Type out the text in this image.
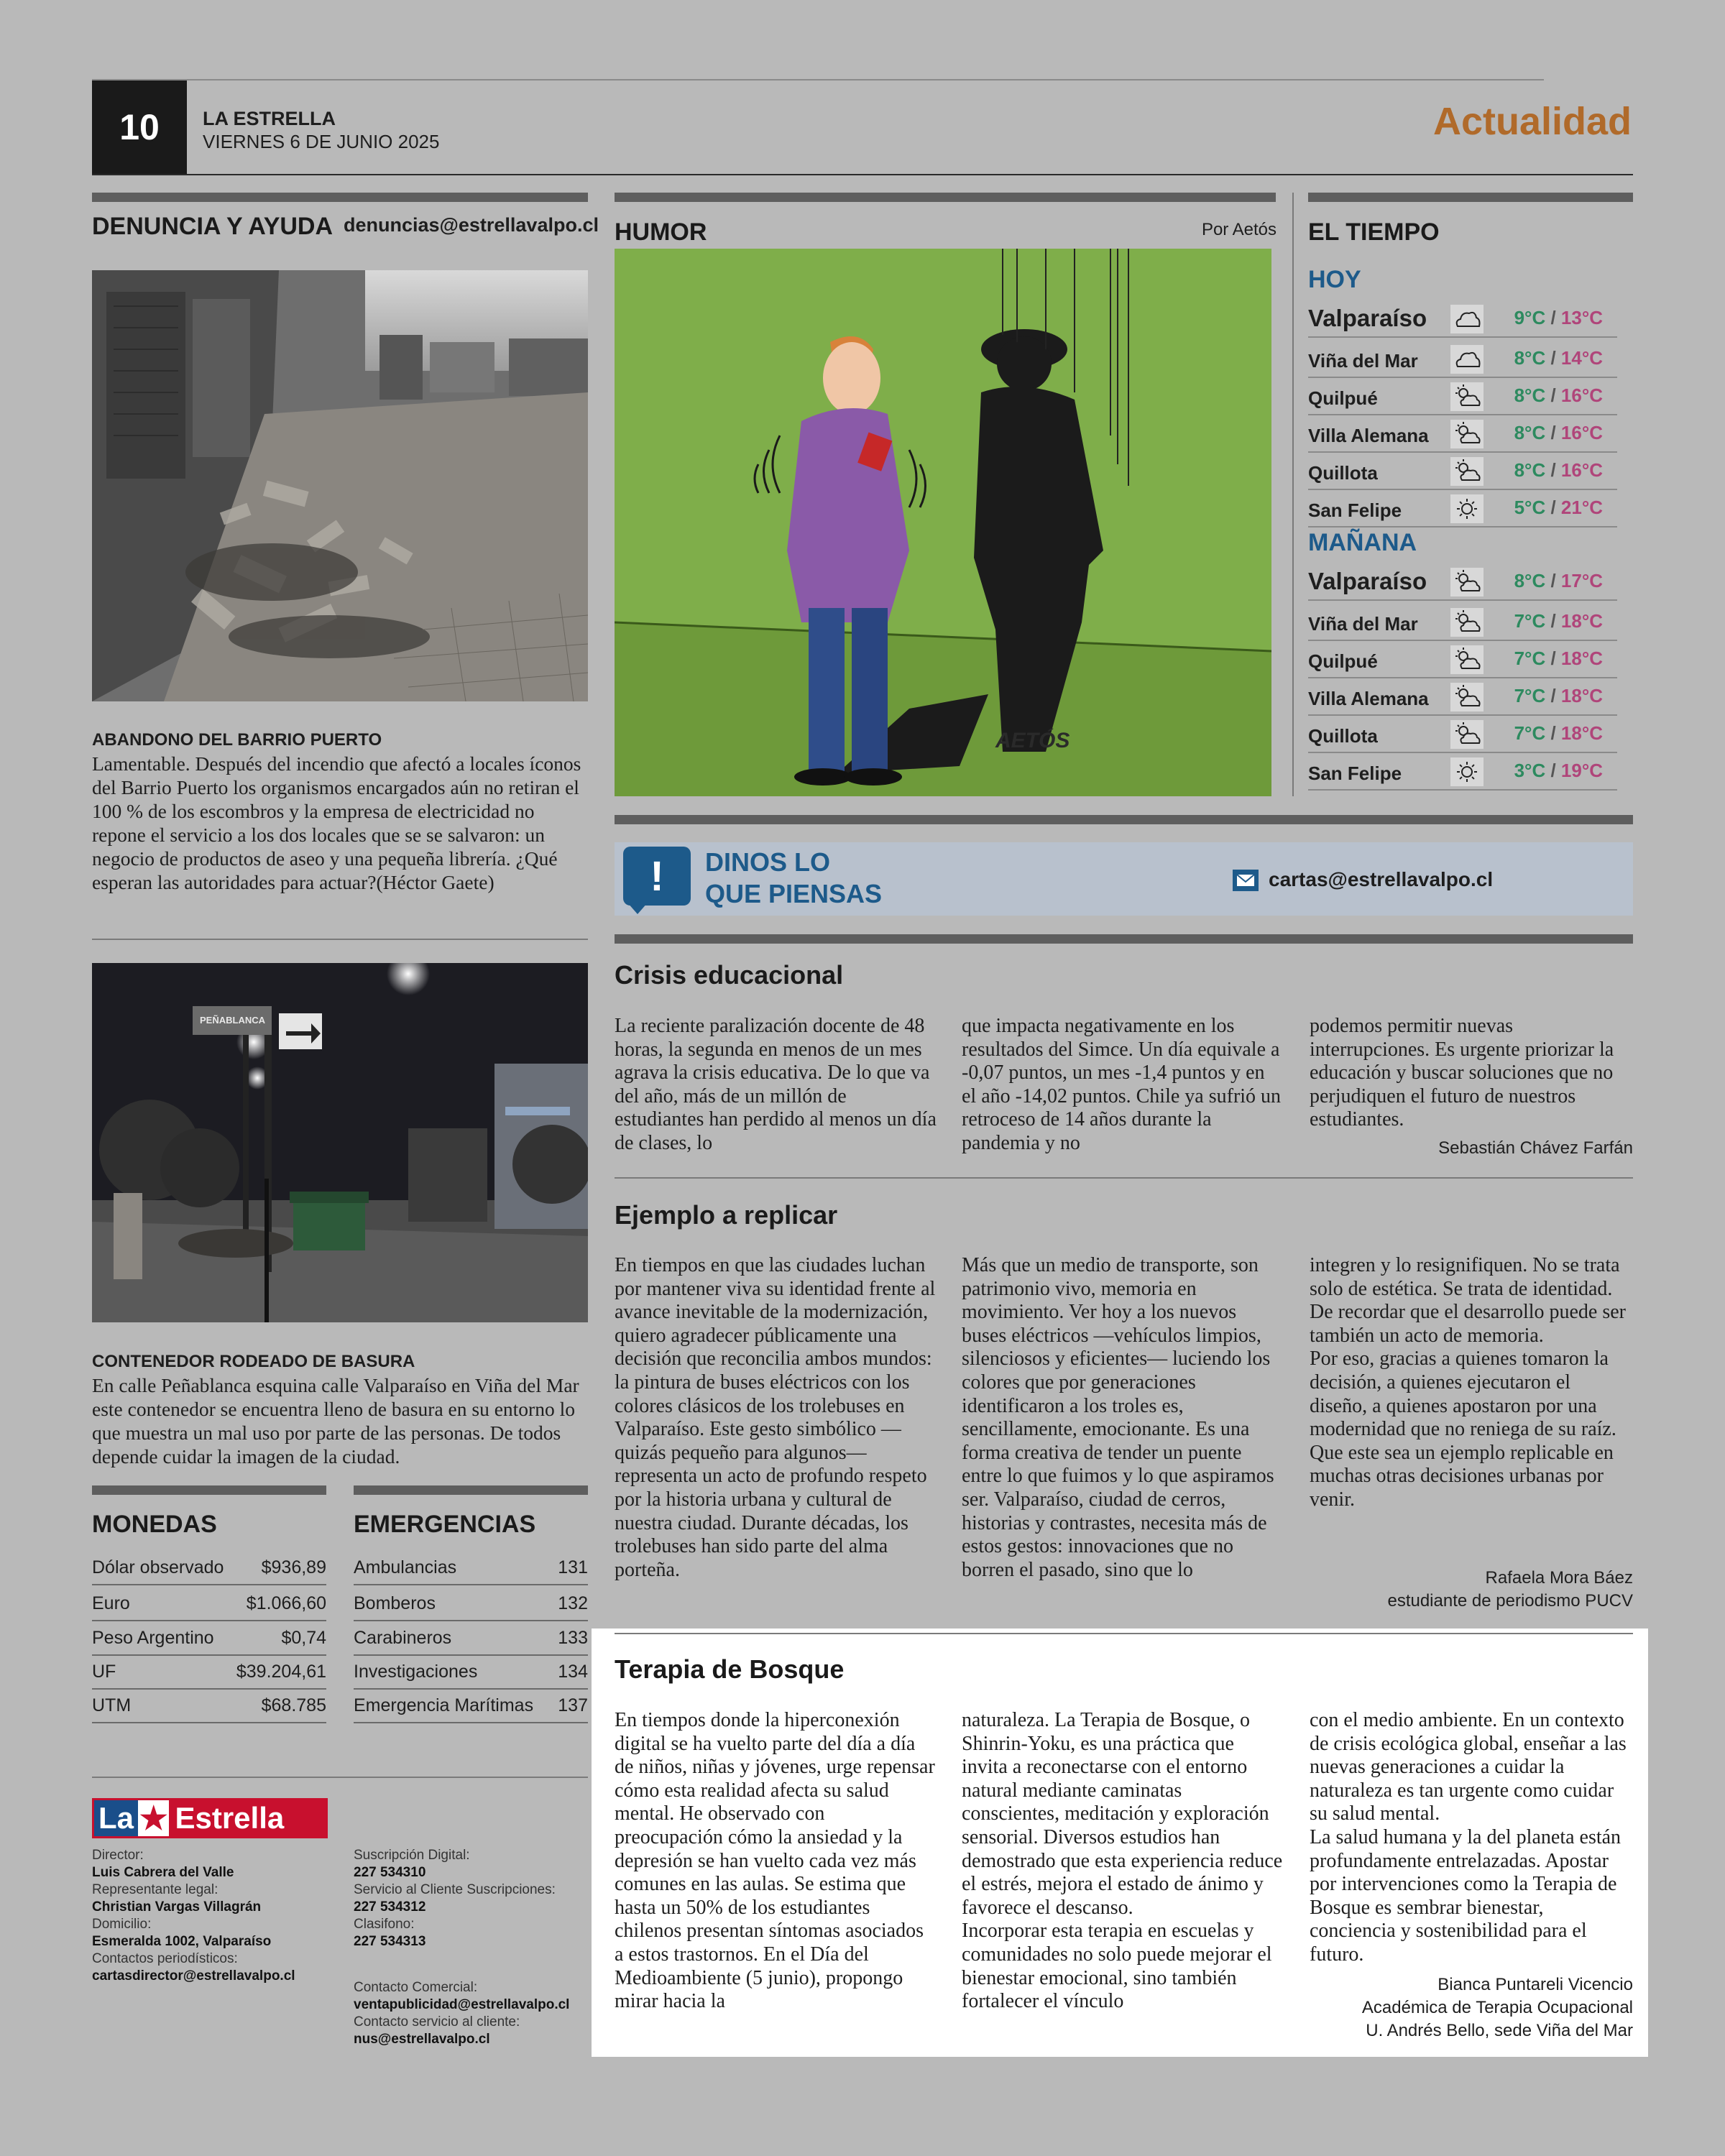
10	LA ESTRELLA
VIERNES 6 DE JUNIO 2025	Actualidad
DENUNCIA Y AYUDA denuncias@estrellavalpo.cl
ABANDONO DEL BARRIO PUERTO
Lamentable. Después del incendio que afectó a locales íconos del Barrio Puerto los organismos encargados aún no retiran el 100 % de los escombros y la empresa de electricidad no repone el servicio a los dos locales que se se salvaron: un negocio de productos de aseo y una pequeña librería. ¿Qué esperan las autoridades para actuar?(Héctor Gaete)
PEÑABLANCA
CONTENEDOR RODEADO DE BASURA
En calle Peñablanca esquina calle Valparaíso en Viña del Mar este contenedor se encuentra lleno de basura en su entorno lo que muestra un mal uso por parte de las personas. De todos depende cuidar la imagen de la ciudad.
MONEDAS	EMERGENCIAS
Dólar observado $936,89
Euro	$1.066,60
Peso Argentino	$0,74
UF	$39.204,61
UTM	$68.785
Ambulancias	131
Bomberos	132
Carabineros	133
Investigaciones	134
Emergencia Marítimas 137
La ★ Estrella
Director:
Luis Cabrera del Valle
Representante legal:
Christian Vargas Villagrán
Domicilio:
Esmeralda 1002, Valparaíso
Contactos periodísticos:
cartasdirector@estrellavalpo.cl
Suscripción Digital:
227 534310
Servicio al Cliente Suscripciones:
227 534312
Clasifono:
227 534313
Contacto Comercial:
ventapublicidad@estrellavalpo.cl
Contacto servicio al cliente:
nus@estrellavalpo.cl
HUMOR	Por Aetós
AETÓS
EL TIEMPO
HOY
MAÑANA
Valparaíso	9°C / 13°C
Viña del Mar	8°C / 14°C
Quilpué	8°C / 16°C
Villa Alemana	8°C / 16°C
Quillota	8°C / 16°C
San Felipe	5°C / 21°C
Valparaíso	8°C / 17°C
Viña del Mar	7°C / 18°C
Quilpué	7°C / 18°C
Villa Alemana	7°C / 18°C
Quillota	7°C / 18°C
San Felipe	3°C / 19°C
!	DINOS LO
QUE PIENSAS	cartas@estrellavalpo.cl
Crisis educacional
La reciente paralización docente de 48 horas, la segunda en menos de un mes agrava la crisis educativa. De lo que va del año, más de un millón de estudiantes han perdido al menos un día de clases, lo
que impacta negativamente en los resultados del Simce. Un día equivale a -0,07 puntos, un mes -1,4 puntos y en el año -14,02 puntos. Chile ya sufrió un retroceso de 14 años durante la pandemia y no
podemos permitir nuevas interrupciones. Es urgente priorizar la educación y buscar soluciones que no perjudiquen el futuro de nuestros estudiantes.
Sebastián Chávez Farfán
Ejemplo a replicar
En tiempos en que las ciudades luchan por mantener viva su identidad frente al avance inevitable de la modernización, quiero agradecer públicamente una decisión que reconcilia ambos mundos: la pintura de buses eléctricos con los colores clásicos de los trolebuses en Valparaíso. Este gesto simbólico —quizás pequeño para algunos— representa un acto de profundo respeto por la historia urbana y cultural de nuestra ciudad. Durante décadas, los trolebuses han sido parte del alma porteña.
Más que un medio de transporte, son patrimonio vivo, memoria en movimiento. Ver hoy a los nuevos buses eléctricos —vehículos limpios, silenciosos y eficientes— luciendo los colores que por generaciones identificaron a los troles es, sencillamente, emocionante. Es una forma creativa de tender un puente entre lo que fuimos y lo que aspiramos ser. Valparaíso, ciudad de cerros, historias y contrastes, necesita más de estos gestos: innovaciones que no borren el pasado, sino que lo
integren y lo resignifiquen. No se trata solo de estética. Se trata de identidad. De recordar que el desarrollo puede ser también un acto de memoria.
Por eso, gracias a quienes tomaron la decisión, a quienes ejecutaron el diseño, a quienes apostaron por una modernidad que no reniega de su raíz. Que este sea un ejemplo replicable en muchas otras decisiones urbanas por venir.
Rafaela Mora Báez
estudiante de periodismo PUCV
Terapia de Bosque
En tiempos donde la hiperconexión digital se ha vuelto parte del día a día de niños, niñas y jóvenes, urge repensar cómo esta realidad afecta su salud mental. He observado con preocupación cómo la ansiedad y la depresión se han vuelto cada vez más comunes en las aulas. Se estima que hasta un 50% de los estudiantes chilenos presentan síntomas asociados a estos trastornos. En el Día del Medioambiente (5 junio), propongo mirar hacia la
naturaleza. La Terapia de Bosque, o Shinrin-Yoku, es una práctica que invita a reconectarse con el entorno natural mediante caminatas conscientes, meditación y exploración sensorial. Diversos estudios han demostrado que esta experiencia reduce el estrés, mejora el estado de ánimo y favorece el descanso.
Incorporar esta terapia en escuelas y comunidades no solo puede mejorar el bienestar emocional, sino también fortalecer el vínculo
con el medio ambiente. En un contexto de crisis ecológica global, enseñar a las nuevas generaciones a cuidar la naturaleza es tan urgente como cuidar su salud mental.
La salud humana y la del planeta están profundamente entrelazadas. Apostar por intervenciones como la Terapia de Bosque es sembrar bienestar, conciencia y sostenibilidad para el futuro.
Bianca Puntareli Vicencio
Académica de Terapia Ocupacional
U. Andrés Bello, sede Viña del Mar
